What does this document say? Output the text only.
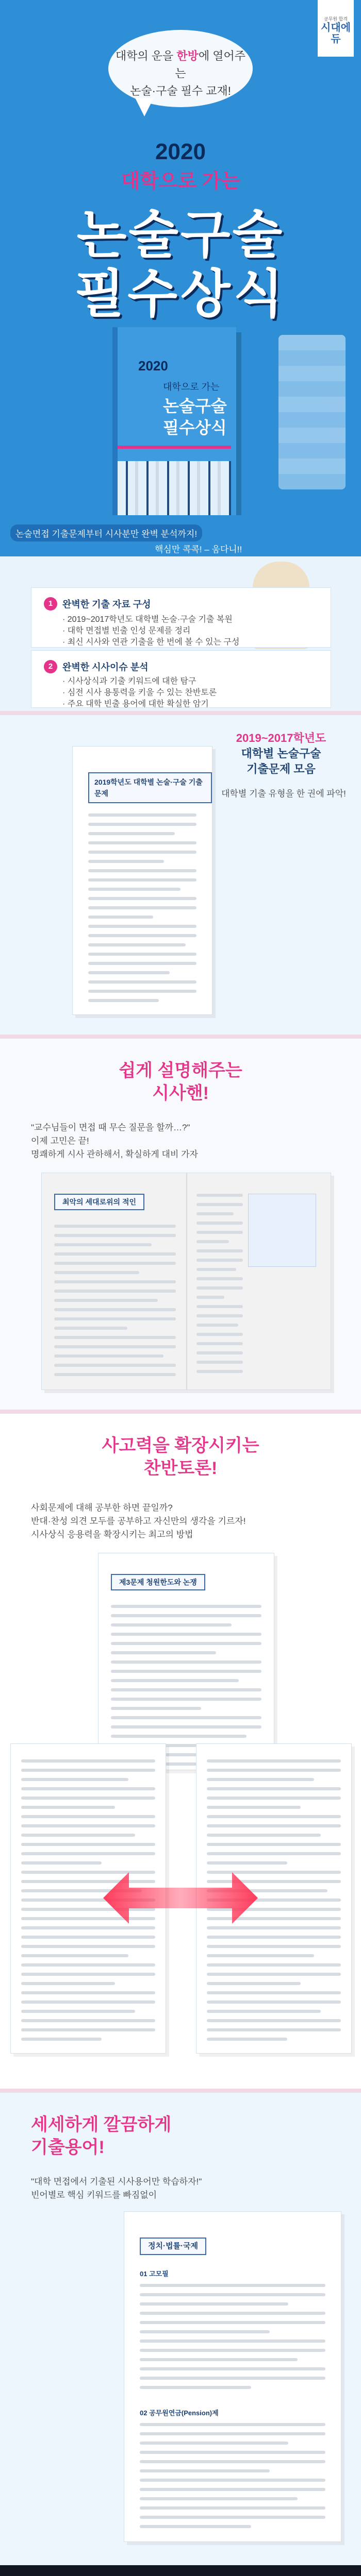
공무원 합격
시대에듀
대학의 운을 한방에 열어주는
논술·구술 필수 교재!
2020
대학으로 가는
논술구술
필수상식
2020
대학으로 가는
논술구술
필수상식
논술면접 기출문제부터 시사분만 완벽 분석까지!
핵심만 콕콕! – 움다니!!
1	완벽한 기출 자료 구성
· 2019~2017학년도 대학별 논술·구술 기출 복원
· 대학 면접별 빈출 인성 문제를 정리
· 최신 시사와 연관 기출을 한 번에 볼 수 있는 구성
2	완벽한 시사이슈 분석
· 시사상식과 기출 키워드에 대한 탐구
· 심전 시사 용통력을 키울 수 있는 찬반토론
· 주요 대학 빈출 용어에 대한 확실한 암기
2019~2017학년도
대학별 논술구술
기출문제 모음
대학별 기출 유형을 한 권에 파악!
2019학년도 대학별 논술·구술 기출문제
쉽게 설명해주는
시사핸!
"교수님들이 면접 때 무슨 질문을 할까…?"
이제 고민은 끝!
명쾌하게 시사 관하해서, 확실하게 대비 가자
최악의 세대로위의 적인
사고력을 확장시키는
찬반토론!
사회문제에 대해 공부한 하면 끝일까?
반대·찬성 의견 모두를 공부하고 자신만의 생각을 기르자!
시사상식 응용력을 확장시키는 최고의 방법
제3문제 청원한도와 논쟁
세세하게 깔끔하게
기출용어!
"대학 면접에서 기출된 시사용어만 학습하자!"
빈어별로 핵심 키워드를 빠짐없이
정치·법률·국제
01 고모필
02 공무원연금(Pension)제
